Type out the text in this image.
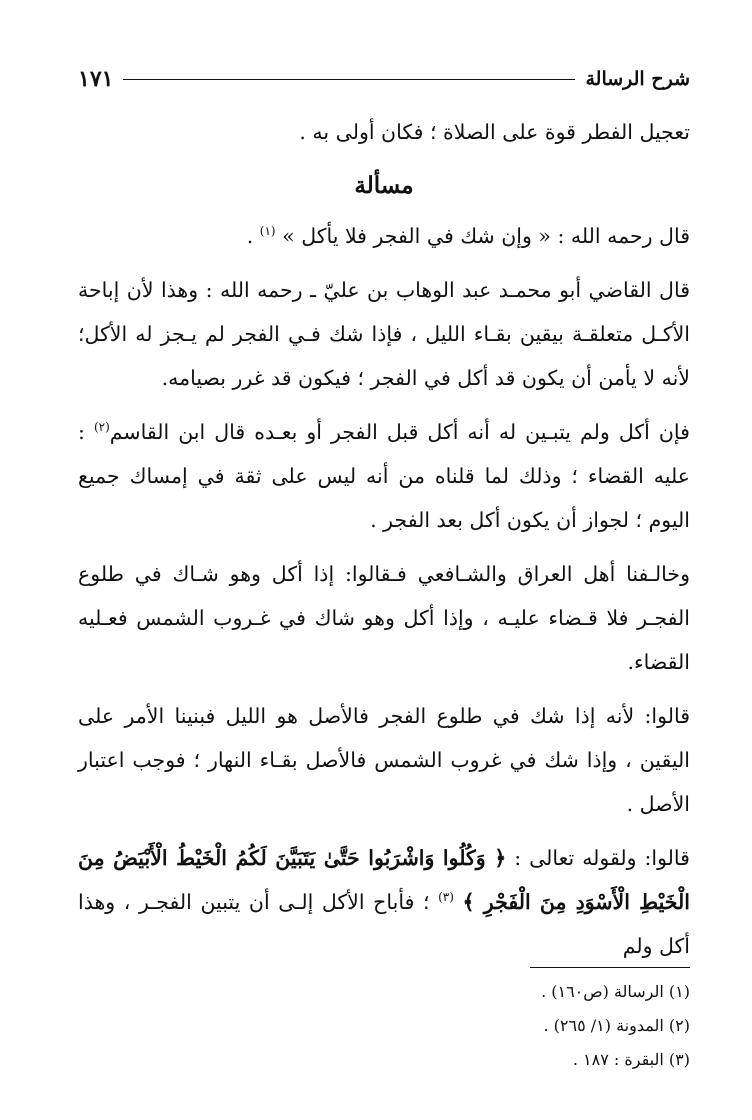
شرح الرسالة
١٧١

تعجيل الفطر قوة على الصلاة ؛ فكان أولى به .

مسألة

قال رحمه الله : « وإن شك في الفجر فلا يأكل » $^{(١)}$ .

قال القاضي أبو محمـد عبد الوهاب بن عليّ ـ رحمه الله : وهذا لأن إباحة الأكـل متعلقـة بيقين بقـاء الليل ، فإذا شك فـي الفجر لم يـجز له الأكل؛ لأنه لا يأمن أن يكون قد أكل في الفجر ؛ فيكون قد غرر بصيامه.

فإن أكل ولم يتبـين له أنه أكل قبل الفجر أو بعـده قال ابن القاسم$^{(٢)}$ : عليه القضاء ؛ وذلك لما قلناه من أنه ليس على ثقة في إمساك جميع اليوم ؛ لجواز أن يكون أكل بعد الفجر .

وخالـفنا أهل العراق والشـافعي فـقالوا: إذا أكل وهو شـاك في طلوع الفجـر فلا قـضاء عليـه ، وإذا أكل وهو شاك في غـروب الشمس فعـليه القضاء.

قالوا: لأنه إذا شك في طلوع الفجر فالأصل هو الليل فبنينا الأمر على اليقين ، وإذا شك في غروب الشمس فالأصل بقـاء النهار ؛ فوجب اعتبار الأصل .

قالوا: ولقوله تعالى : ﴿ وَكُلُوا وَاشْرَبُوا حَتَّىٰ يَتَبَيَّنَ لَكُمُ الْخَيْطُ الْأَبْيَضُ مِنَ الْخَيْطِ الْأَسْوَدِ مِنَ الْفَجْرِ ﴾ $^{(٣)}$ ؛ فأباح الأكل إلـى أن يتبين الفجـر ، وهذا أكل ولم

(١) الرسالة (ص١٦٠) .
(٢) المدونة (١/ ٢٦٥) .
(٣) البقرة : ١٨٧ .
